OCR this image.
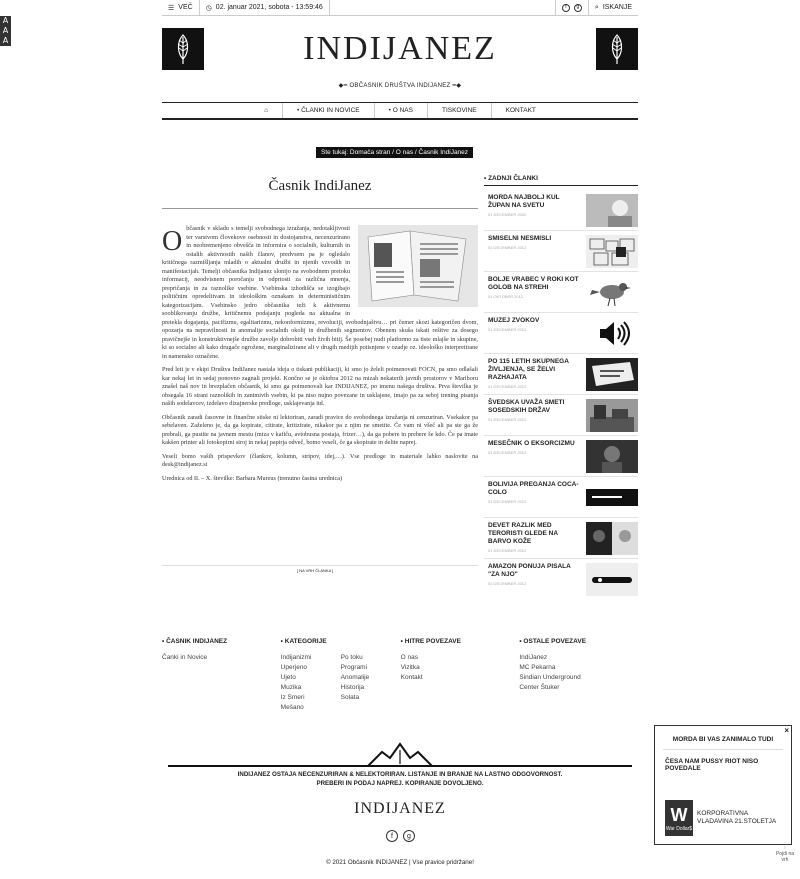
A
A
A
☰ VEČ ◷ 02. januar 2021, sobota - 13:59:46	f	g	⌕ ISKANJE
INDIJANEZ
◆━ OBČASNIK DRUŠTVA INDIJANEZ ━◆
⌂	• ČLANKI IN NOVICE	• O NAS	TISKOVINE	KONTAKT
Ste tukaj: Domača stran / O nas / Časnik IndiJanez
Časnik IndiJanez

O bčasnik v skladu s temelji svobodnega izražanja, nedotakljivosti ter varstvom človekove osebnosti in dostojanstva, necenzurirano in neobremenjeno obvešča in informira o socialnih, kulturnih in ostalih aktivnostih naših članov, predvsem pa je ogledalo kritičnega razmišljanja mladih o aktualni družbi in njenih vzvodih in manifestacijah. Temelji občasnika Indijanez slonijo na svobodnem pretoku informacij, neodvisnem poročanju in odprtosti za različna mnenja, prepričanja in za raznolike vsebine. Vsebinska izhodišča se izogibajo političnim opredelitvam in ideološkim oznakam in determinističnim kategorizacijam. Vsebinsko jedro občasnika teži k aktivnemu sooblikovanju družbe, kritičnemu podajanju pogleda na aktualna in pretekla dogajanja, pacifizmu, egalitarizmu, nekonformizmu, revoluciji, svobodnjaštvu… pri čemer skozi kategoričen dvom, opozarja na nepravilnosti in anomalije socialnih okolij in družbenih segmentov. Obenem skuša iskati rešitve za dosego pravičnejše in konstruktivnejše družbe zavoljo dobrobiti vseh živih bitij. Še posebej nudi platformo za tiste mlajše in skupine, ki so socialno ali kako drugače ogrožene, marginalizirane ali v drugih medijih potisnjene v ozadje oz. ideološko interpretirane in namensko označene.

Pred leti je v ekipi Društva IndiJanez nastala ideja o tiskani publikaciji, ki smo jo želeli poimenovati FOCN, pa smo odlašali kar nekaj let in sedaj ponovno zagnali projekt. Končno se je oktobra 2012 na mizah nekaterih javnih prostorov v Mariboru znašel naš nov in brezplačen občasnik, ki smo ga poimenovali kar INDIJANEZ, po imenu našega društva. Prva številka je obsegala 16 strani raznolikih in zanimivih vsebin, ki pa niso nujno povezane in usklajene, imajo pa za seboj trening pisanja naših sodelavcev, izdelavo dizajnerske predloge, usklajevanja itd.

Občasnik zaradi časovne in finančne stiske ni lektoriran, zaradi pravice do svobodnega izražanja ni cenzuriran. Vsekakor pa sebelaven. Zaželeno je, da ga kopirate, citirate, kritizirate, nikakor pa z njim ne smetite. Če vam ni všeč ali pa ste ga že prebrali, ga pustite na javnem mestu (miza v kafiču, avtobusna postaja, frizer…), da ga pobere in prebere še kdo. Če pa imate kakšen printer ali fotokopirni stroj in nekaj papirja odveč, bomo veseli, če ga skopirate in delite naprej.

Veseli bomo vaših prispevkov (člankov, kolumn, stripov, idej,…). Vse predloge in materiale lahko naslovite na desk@indijanez.si

Urednica od II. – X. številke: Barbara Mureus (trenutno častna urednica)

[ NA VRH ČLANKA ]
• ZADNJI ČLANKI
MORDA NAJBOLJ KUL ŽUPAN NA SVETU
01 DECEMBER 2020
SMISELNI NESMISLI
01 DECEMBER 2012
BOLJE VRABEC V ROKI KOT GOLOB NA STREHI
01 OKTOBER 2012
MUZEJ ZVOKOV
01 DECEMBER 2012
PO 115 LETIH SKUPNEGA ŽIVLJENJA, SE ŽELVI RAZHAJATA
01 DECEMBER 2012
ŠVEDSKA UVAŽA SMETI SOSEDSKIH DRŽAV
01 DECEMBER 2012
MESEČNIK O EKSORCIZMU
01 DECEMBER 2012
BOLIVIJA PREGANJA COCA-COLO
01 DECEMBER 2012
DEVET RAZLIK MED TERORISTI GLEDE NA BARVO KOŽE
01 DECEMBER 2012
AMAZON PONUJA PISALA "ZA NJO"
01 DECEMBER 2012
• ČASNIK INDIJANEZ
Čanki in Novice
• KATEGORIJE
Indijanizmi
Uperjeno
Ujeto
Muzika
Iz Smeri
Mešano
Po toku
Programi
Anomalije
Historija
Solata
• HITRE POVEZAVE
O nas
Vizitka
Kontakt
• OSTALE POVEZAVE
IndiJanez
MC Pekarna
Sindian Underground
Center Štuker
INDIJANEZ OSTAJA NECENZURIRAN & NELEKTORIRAN. LISTANJE IN BRANJE NA LASTNO ODGOVORNOST.
PREBERI IN PODAJ NAPREJ. KOPIRANJE DOVOLJENO.
INDIJANEZ
f	g
© 2021 Občasnik INDIJANEZ | Vse pravice pridržane!
×
MORDA BI VAS ZANIMALO TUDI
ČESA NAM PUSSY RIOT NISO POVEDALE
W
War Dollar$
KORPORATIVNA VLADAVINA 21.STOLETJA
↑
Pojdi na vrh
